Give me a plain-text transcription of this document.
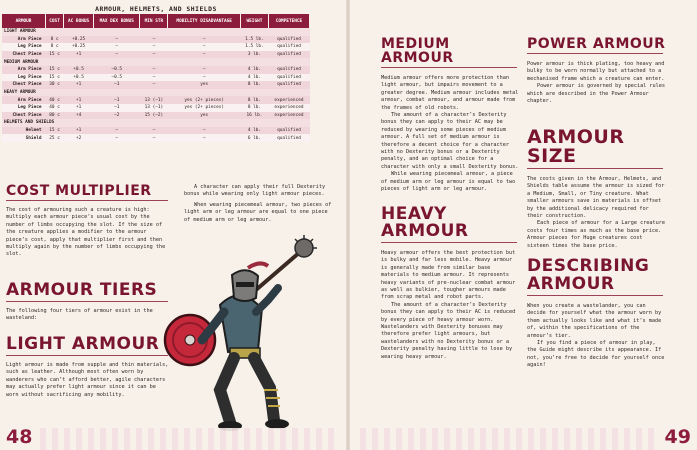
ARMOUR, HELMETS, AND SHIELDS
ARMOUR	COST	AC BONUS	MAX DEX BONUS	MIN STR	MOBILITY DISADVANTAGE	WEIGHT	COMPETENCE
LIGHT ARMOUR							
Arm Piece	8 c	+0.25	–	–	–	1.5 lb.	qualified
Leg Piece	8 c	+0.25	–	–	–	1.5 lb.	qualified
Chest Piece	15 c	+1	–	–	–	3 lb.	qualified
MEDIUM ARMOUR							
Arm Piece	15 c	+0.5	–0.5	–	–	4 lb.	qualified
Leg Piece	15 c	+0.5	–0.5	–	–	4 lb.	qualified
Chest Piece	30 c	+1	–1	–	yes	8 lb.	qualified
HEAVY ARMOUR							
Arm Piece	40 c	+1	–1	13 (–1)	yes (2+ pieces)	8 lb.	experienced
Leg Piece	40 c	+1	–1	13 (–1)	yes (2+ pieces)	8 lb.	experienced
Chest Piece	80 c	+4	–2	15 (–2)	yes	16 lb.	experienced
HELMETS AND SHIELDS							
Helmet	15 c	+1	–	–	–	4 lb.	qualified
Shield	25 c	+2	–	–	–	6 lb.	qualified
COST MULTIPLIER

The cost of armouring such a creature is high: multiply each armour piece’s usual cost by the number of limbs occupying the slot. If the size of the creature applies a modifier to the armour piece’s cost, apply that multiplier first and then multiply again by the number of limbs occupying the slot.

A character can apply their full Dexterity bonus while wearing only light armour pieces.

When wearing piecemeal armour, two pieces of light arm or leg armour are equal to one piece of medium arm or leg armour.

ARMOUR TIERS

The following four tiers of armour exist in the wasteland:

LIGHT ARMOUR

Light armour is made from supple and thin materials, such as leather. Although most often worn by wanderers who can’t afford better, agile characters may actually prefer light armour since it can be worn without sacrificing any mobility.

MEDIUM ARMOUR

Medium armour offers more protection than light armour, but impairs movement to a greater degree. Medium armour includes metal armour, combat armour, and armour made from the frames of old robots.

The amount of a character’s Dexterity bonus they can apply to their AC may be reduced by wearing some pieces of medium armour. A full set of medium armour is therefore a decent choice for a character with no Dexterity bonus or a Dexterity penalty, and an optimal choice for a character with only a small Dexterity bonus.

While wearing piecemeal armour, a piece of medium arm or leg armour is equal to two pieces of light arm or leg armour.

HEAVY ARMOUR

Heavy armour offers the best protection but is bulky and far less mobile. Heavy armour is generally made from similar base materials to medium armour. It represents heavy variants of pre-nuclear combat armour as well as bulkier, tougher armours made from scrap metal and robot parts.

The amount of a character’s Dexterity bonus they can apply to their AC is reduced by every piece of heavy armour worn. Wastelanders with Dexterity bonuses may therefore prefer light armours, but wastelanders with no Dexterity bonus or a Dexterity penalty having little to lose by wearing heavy armour.

POWER ARMOUR

Power armour is thick plating, too heavy and bulky to be worn normally but attached to a mechanised frame which a creature can enter.

Power armour is governed by special rules which are described in the Power Armour chapter.

ARMOUR SIZE

The costs given in the Armour, Helmets, and Shields table assume the armour is sized for a Medium, Small, or Tiny creature. What smaller armours save in materials is offset by the additional delicacy required for their construction.

Each piece of armour for a Large creature costs four times as much as the base price. Armour pieces for Huge creatures cost sixteen times the base price.

DESCRIBING
ARMOUR

When you create a wastelander, you can decide for yourself what the armour worn by them actually looks like and what it’s made of, within the specifications of the armour’s tier.

If you find a piece of armour in play, the Guide might describe its appearance. If not, you’re free to decide for yourself once again!

48	49
